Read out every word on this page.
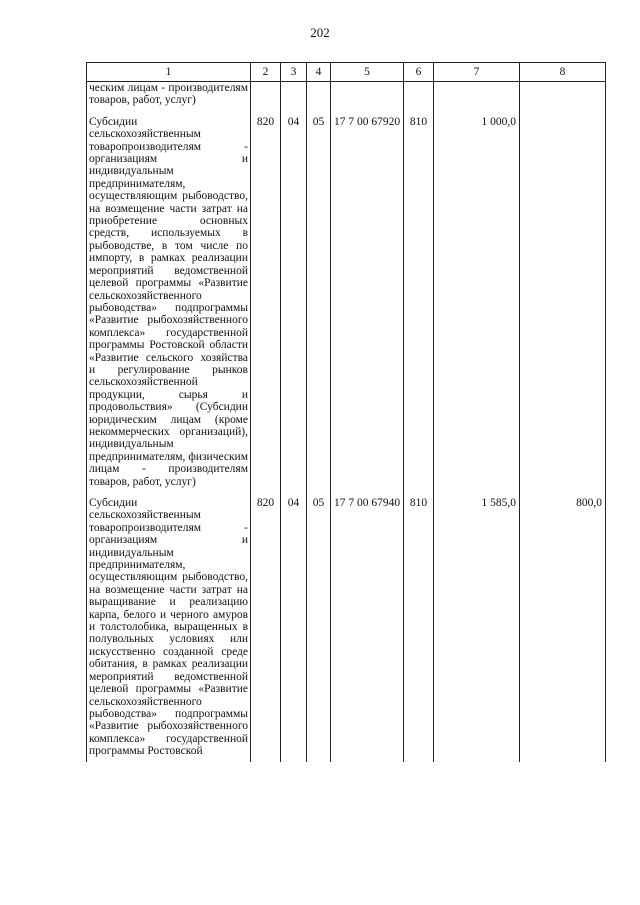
202
1	2	3	4	5	6	7	8
ческим лицам - производителям товаров, работ, услуг)							
Субсидии сельскохозяйственным товаропроизводителям - организациям и индивидуальным предпринимателям, осуществляющим рыбоводство, на возмещение части затрат на приобретение основных средств, используемых в рыбоводстве, в том числе по импорту, в рамках реализации мероприятий ведомственной целевой программы «Развитие сельскохозяйственного рыбоводства» подпрограммы «Развитие рыбохозяйственного комплекса» государственной программы Ростовской области «Развитие сельского хозяйства и регулирование рынков сельскохозяйственной продукции, сырья и продовольствия» (Субсидии юридическим лицам (кроме некоммерческих организаций), индивидуальным предпринимателям, физическим лицам - производителям товаров, работ, услуг)	820	04	05	17 7 00 67920	810	1 000,0	
Субсидии сельскохозяйственным товаропроизводителям - организациям и индивидуальным предпринимателям, осуществляющим рыбоводство, на возмещение части затрат на выращивание и реализацию карпа, белого и черного амуров и толстолобика, выращенных в полувольных условиях или искусственно созданной среде обитания, в рамках реализации мероприятий ведомственной целевой программы «Развитие сельскохозяйственного рыбоводства» подпрограммы «Развитие рыбохозяйственного комплекса» государственной программы Ростовской	820	04	05	17 7 00 67940	810	1 585,0	800,0
